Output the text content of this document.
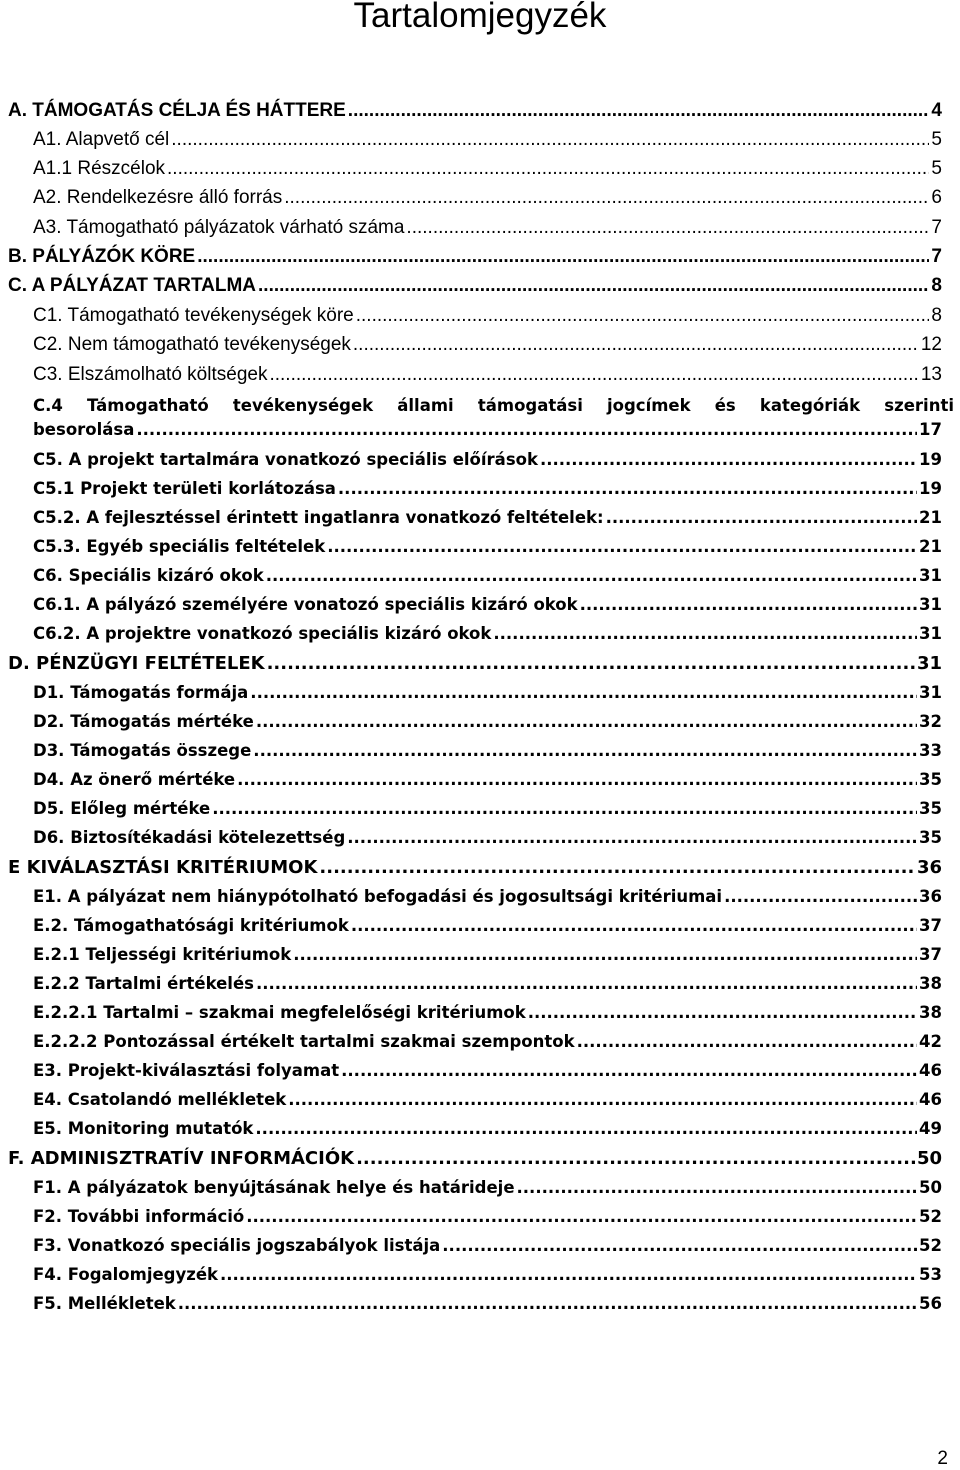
Tartalomjegyzék
A. TÁMOGATÁS CÉLJA ÉS HÁTTERE .....	4
A1. Alapvető cél .....	5
A1.1 Részcélok .....	5
A2. Rendelkezésre álló forrás .....	6
A3. Támogatható pályázatok várható száma .....	7
B. PÁLYÁZÓK KÖRE .....	7
C. A PÁLYÁZAT TARTALMA .....	8
C1. Támogatható tevékenységek köre .....	8
C2. Nem támogatható tevékenységek .....	12
C3. Elszámolható költségek .....	13
C.4 Támogatható tevékenységek állami támogatási jogcímek és kategóriák szerinti
besorolása .....	17
C5. A projekt tartalmára vonatkozó speciális előírások .....	19
C5.1 Projekt területi korlátozása .....	19
C5.2. A fejlesztéssel érintett ingatlanra vonatkozó feltételek: .....	21
C5.3. Egyéb speciális feltételek .....	21
C6. Speciális kizáró okok .....	31
C6.1. A pályázó személyére vonatozó speciális kizáró okok .....	31
C6.2. A projektre vonatkozó speciális kizáró okok .....	31
D. PÉNZÜGYI FELTÉTELEK .....	31
D1. Támogatás formája .....	31
D2. Támogatás mértéke .....	32
D3. Támogatás összege .....	33
D4. Az önerő mértéke .....	35
D5. Előleg mértéke .....	35
D6. Biztosítékadási kötelezettség .....	35
E KIVÁLASZTÁSI KRITÉRIUMOK .....	36
E1. A pályázat nem hiánypótolható befogadási és jogosultsági kritériumai .....	36
E.2. Támogathatósági kritériumok .....	37
E.2.1 Teljességi kritériumok .....	37
E.2.2 Tartalmi értékelés .....	38
E.2.2.1 Tartalmi – szakmai megfelelőségi kritériumok .....	38
E.2.2.2 Pontozással értékelt tartalmi szakmai szempontok .....	42
E3. Projekt-kiválasztási folyamat .....	46
E4. Csatolandó mellékletek .....	46
E5. Monitoring mutatók .....	49
F. ADMINISZTRATÍV INFORMÁCIÓK .....	50
F1. A pályázatok benyújtásának helye és határideje .....	50
F2. További információ .....	52
F3. Vonatkozó speciális jogszabályok listája .....	52
F4. Fogalomjegyzék .....	53
F5. Mellékletek .....	56
2
